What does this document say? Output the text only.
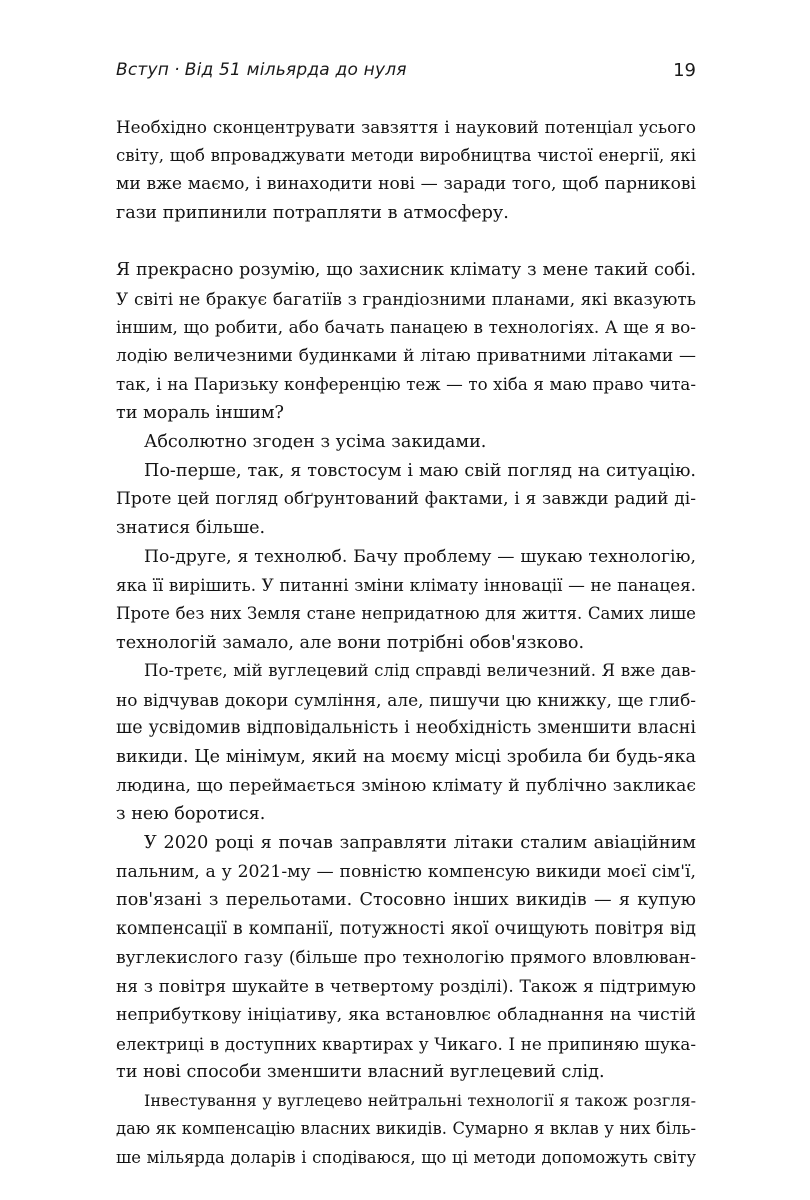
Вступ · Від 51 мільярда до нуля	19
Необхідно сконцентрувати завзяття і науковий потенціал усього
світу, щоб впроваджувати методи виробництва чистої енергії, які
ми вже маємо, і винаходити нові — заради того, щоб парникові
гази припинили потрапляти в атмосферу.
Я прекрасно розумію, що захисник клімату з мене такий собі.
У світі не бракує багатіїв з грандіозними планами, які вказують
іншим, що робити, або бачать панацею в технологіях. А ще я во-
лодію величезними будинками й літаю приватними літаками —
так, і на Паризьку конференцію теж — то хіба я маю право чита-
ти мораль іншим?
Абсолютно згоден з усіма закидами.
По-перше, так, я товстосум і маю свій погляд на ситуацію.
Проте цей погляд обґрунтований фактами, і я завжди радий ді-
знатися більше.
По-друге, я технолюб. Бачу проблему — шукаю технологію,
яка її вирішить. У питанні зміни клімату інновації — не панацея.
Проте без них Земля стане непридатною для життя. Самих лише
технологій замало, але вони потрібні обов'язково.
По-третє, мій вуглецевий слід справді величезний. Я вже дав-
но відчував докори сумління, але, пишучи цю книжку, ще глиб-
ше усвідомив відповідальність і необхідність зменшити власні
викиди. Це мінімум, який на моєму місці зробила би будь-яка
людина, що переймається зміною клімату й публічно закликає
з нею боротися.
У 2020 році я почав заправляти літаки сталим авіаційним
пальним, а у 2021-му — повністю компенсую викиди моєї сім'ї,
пов'язані з перельотами. Стосовно інших викидів — я купую
компенсації в компанії, потужності якої очищують повітря від
вуглекислого газу (більше про технологію прямого вловлюван-
ня з повітря шукайте в четвертому розділі). Також я підтримую
неприбуткову ініціативу, яка встановлює обладнання на чистій
електриці в доступних квартирах у Чикаго. І не припиняю шука-
ти нові способи зменшити власний вуглецевий слід.
Інвестування у вуглецево нейтральні технології я також розгля-
даю як компенсацію власних викидів. Сумарно я вклав у них біль-
ше мільярда доларів і сподіваюся, що ці методи допоможуть світу
